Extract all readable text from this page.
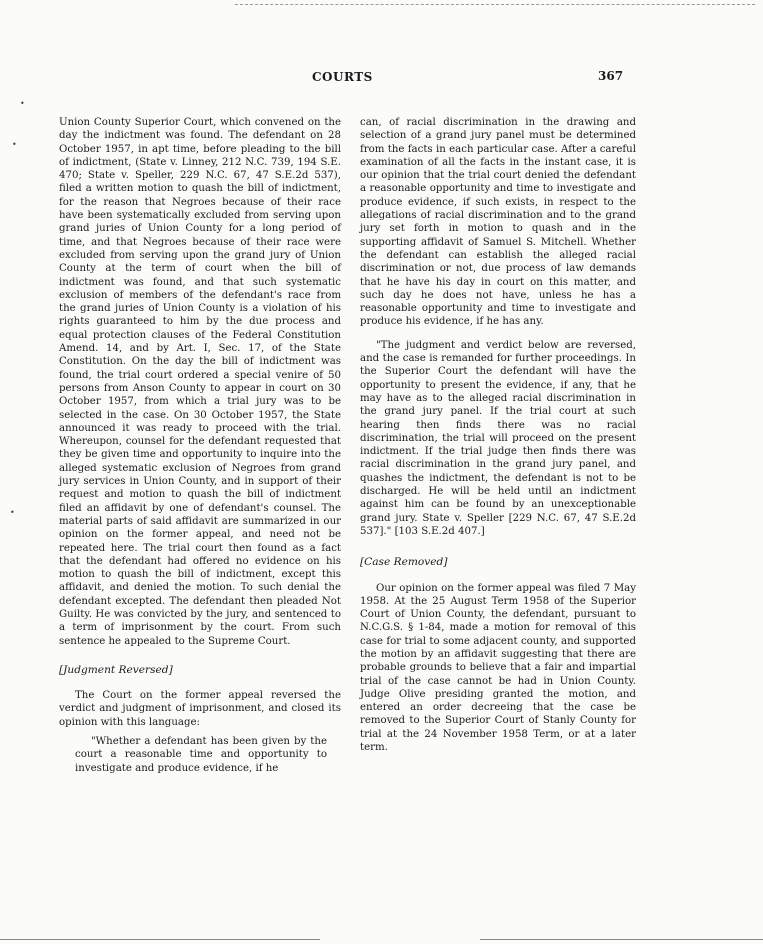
COURTS	367

Union County Superior Court, which convened on the day the indictment was found. The defendant on 28 October 1957, in apt time, before pleading to the bill of indictment, (State v. Linney, 212 N.C. 739, 194 S.E. 470; State v. Speller, 229 N.C. 67, 47 S.E.2d 537), filed a written motion to quash the bill of indictment, for the reason that Negroes because of their race have been systematically excluded from serving upon grand juries of Union County for a long period of time, and that Negroes because of their race were excluded from serving upon the grand jury of Union County at the term of court when the bill of indictment was found, and that such systematic exclusion of members of the defendant's race from the grand juries of Union County is a violation of his rights guaranteed to him by the due process and equal protection clauses of the Federal Constitution Amend. 14, and by Art. I, Sec. 17, of the State Constitution. On the day the bill of indictment was found, the trial court ordered a special venire of 50 persons from Anson County to appear in court on 30 October 1957, from which a trial jury was to be selected in the case. On 30 October 1957, the State announced it was ready to proceed with the trial. Whereupon, counsel for the defendant requested that they be given time and opportunity to inquire into the alleged systematic exclusion of Negroes from grand jury services in Union County, and in support of their request and motion to quash the bill of indictment filed an affidavit by one of defendant's counsel. The material parts of said affidavit are summarized in our opinion on the former appeal, and need not be repeated here. The trial court then found as a fact that the defendant had offered no evidence on his motion to quash the bill of indictment, except this affidavit, and denied the motion. To such denial the defendant excepted. The defendant then pleaded Not Guilty. He was convicted by the jury, and sentenced to a term of imprisonment by the court. From such sentence he appealed to the Supreme Court.

[Judgment Reversed]

The Court on the former appeal reversed the verdict and judgment of imprisonment, and closed its opinion with this language:

"Whether a defendant has been given by the court a reasonable time and opportunity to investigate and produce evidence, if he

can, of racial discrimination in the drawing and selection of a grand jury panel must be determined from the facts in each particular case. After a careful examination of all the facts in the instant case, it is our opinion that the trial court denied the defendant a reasonable opportunity and time to investigate and produce evidence, if such exists, in respect to the allegations of racial discrimination and to the grand jury set forth in motion to quash and in the supporting affidavit of Samuel S. Mitchell. Whether the defendant can establish the alleged racial discrimination or not, due process of law demands that he have his day in court on this matter, and such day he does not have, unless he has a reasonable opportunity and time to investigate and produce his evidence, if he has any.

"The judgment and verdict below are reversed, and the case is remanded for further proceedings. In the Superior Court the defendant will have the opportunity to present the evidence, if any, that he may have as to the alleged racial discrimination in the grand jury panel. If the trial court at such hearing then finds there was no racial discrimination, the trial will proceed on the present indictment. If the trial judge then finds there was racial discrimination in the grand jury panel, and quashes the indictment, the defendant is not to be discharged. He will be held until an indictment against him can be found by an unexceptionable grand jury. State v. Speller [229 N.C. 67, 47 S.E.2d 537]." [103 S.E.2d 407.]

[Case Removed]

Our opinion on the former appeal was filed 7 May 1958. At the 25 August Term 1958 of the Superior Court of Union County, the defendant, pursuant to N.C.G.S. § 1-84, made a motion for removal of this case for trial to some adjacent county, and supported the motion by an affidavit suggesting that there are probable grounds to believe that a fair and impartial trial of the case cannot be had in Union County. Judge Olive presiding granted the motion, and entered an order decreeing that the case be removed to the Superior Court of Stanly County for trial at the 24 November 1958 Term, or at a later term.

•
•
•
